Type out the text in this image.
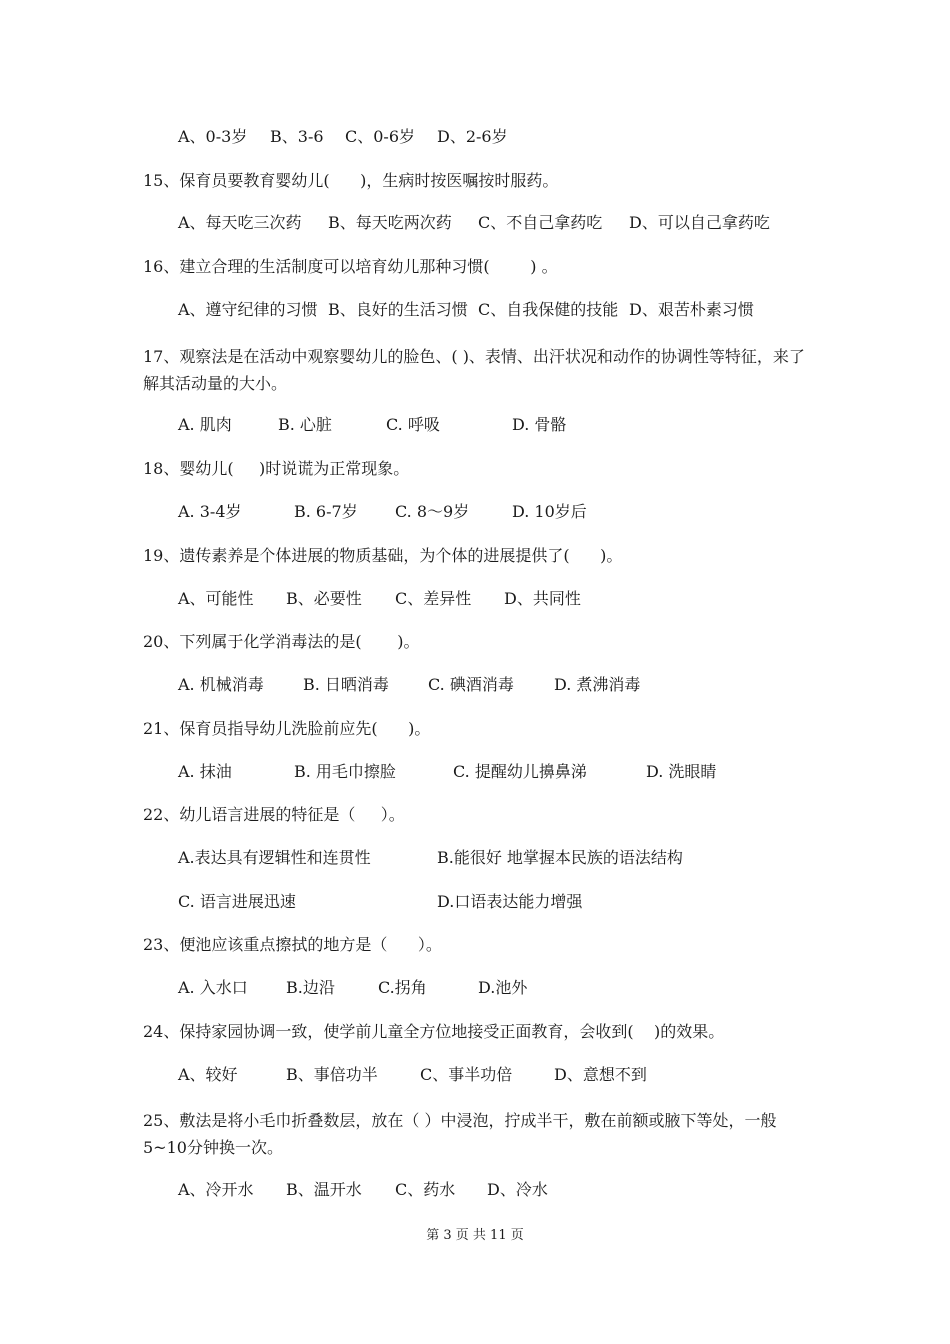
A、0-3岁

B、3-6

C、0-6岁

D、2-6岁

15、保育员要教育婴幼儿(      )，生病时按医嘱按时服药。

A、每天吃三次药

B、每天吃两次药

C、不自己拿药吃

D、可以自己拿药吃

16、建立合理的生活制度可以培育幼儿那种习惯(        ) 。

A、遵守纪律的习惯

B、良好的生活习惯

C、自我保健的技能

D、艰苦朴素习惯

17、观察法是在活动中观察婴幼儿的脸色、( )、表情、出汗状况和动作的协调性等特征，来了解其活动量的大小。

A. 肌肉

	B. 心脏

	C. 呼吸

	D. 骨骼

18、婴幼儿(     )时说谎为正常现象。

A. 3-4岁

	B. 6-7岁

C. 8～9岁

	D. 10岁后

19、遗传素养是个体进展的物质基础，为个体的进展提供了(      )。

A、可能性

B、必要性

C、差异性

D、共同性

20、下列属于化学消毒法的是(       )。

A. 机械消毒

B. 日晒消毒

C. 碘酒消毒

	D. 煮沸消毒

21、保育员指导幼儿洗脸前应先(      )。

A. 抹油

	B. 用毛巾擦脸

	C. 提醒幼儿擤鼻涕

	D. 洗眼睛

22、幼儿语言进展的特征是（     ）。

A.表达具有逻辑性和连贯性

	B.能很好 地掌握本民族的语法结构

C. 语言进展迅速

	D.口语表达能力增强

23、便池应该重点擦拭的地方是（      ）。

A. 入水口

B.边沿

	C.拐角

	D.池外

24、保持家园协调一致，使学前儿童全方位地接受正面教育，会收到(    )的效果。

A、较好

	B、事倍功半

	C、事半功倍

	D、意想不到

25、敷法是将小毛巾折叠数层，放在（ ）中浸泡，拧成半干，敷在前额或腋下等处，一般5~10分钟换一次。

A、冷开水

B、温开水

C、药水

D、冷水

第 3 页 共 11 页
